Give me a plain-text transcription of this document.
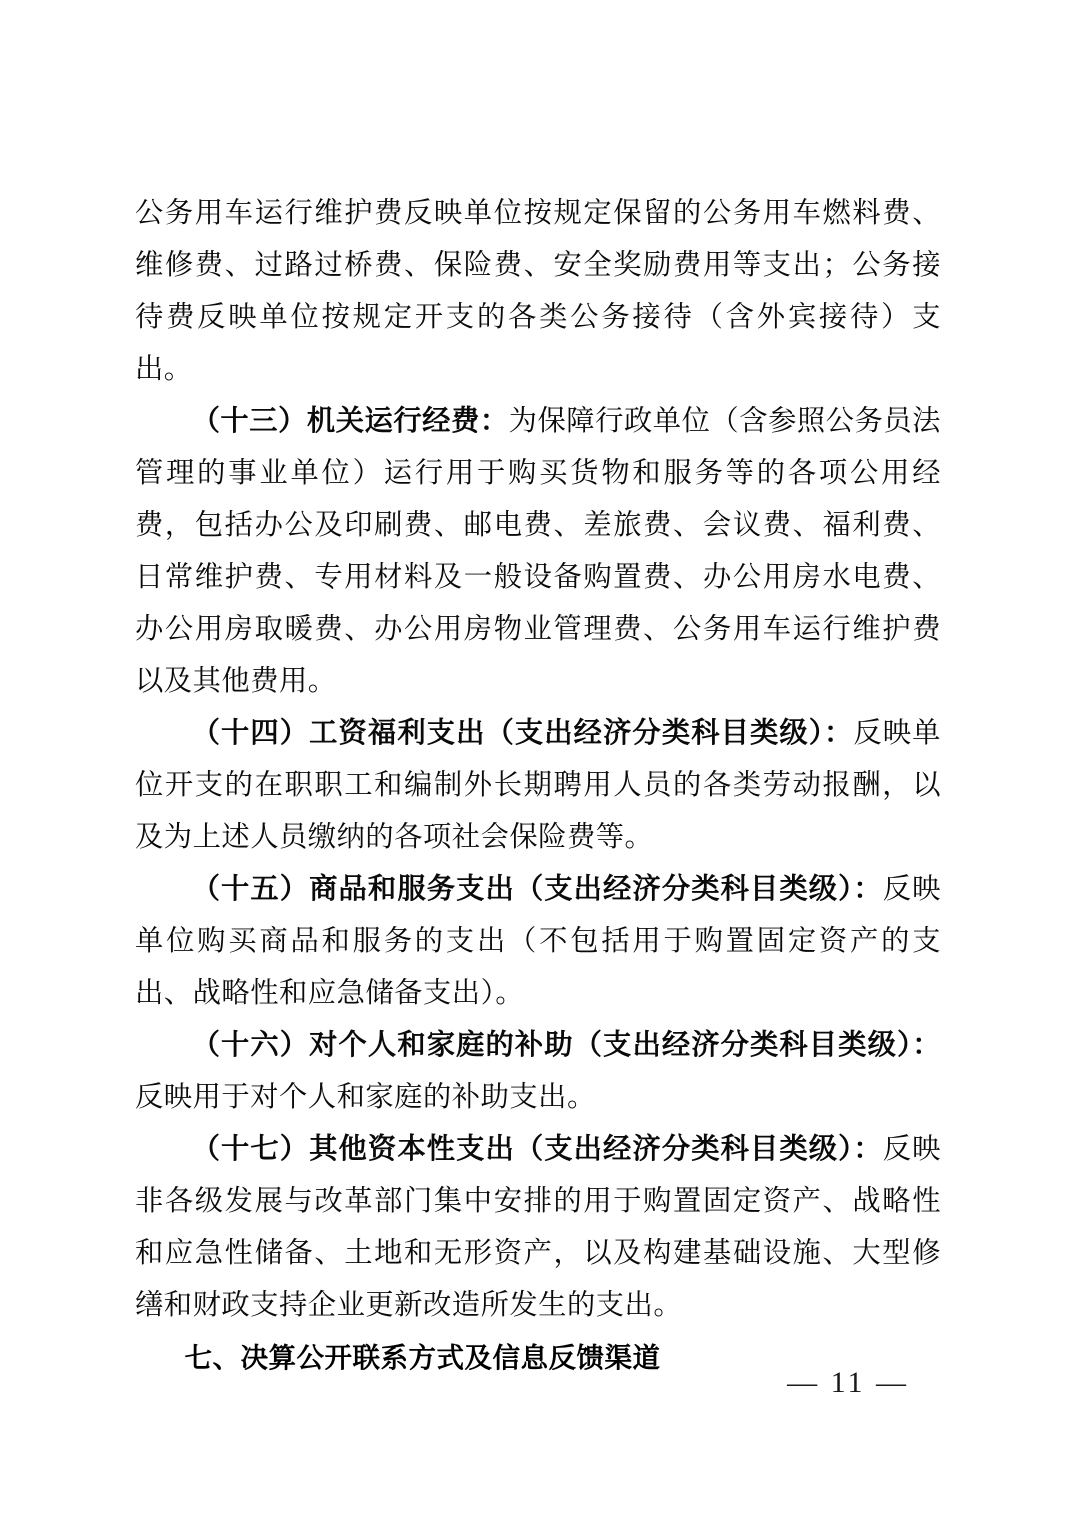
公务用车运行维护费反映单位按规定保留的公务用车燃料费、维修费、过路过桥费、保险费、安全奖励费用等支出；公务接待费反映单位按规定开支的各类公务接待（含外宾接待）支出。

（十三）机关运行经费：为保障行政单位（含参照公务员法管理的事业单位）运行用于购买货物和服务等的各项公用经费，包括办公及印刷费、邮电费、差旅费、会议费、福利费、日常维护费、专用材料及一般设备购置费、办公用房水电费、办公用房取暖费、办公用房物业管理费、公务用车运行维护费以及其他费用。

（十四）工资福利支出（支出经济分类科目类级）：反映单位开支的在职职工和编制外长期聘用人员的各类劳动报酬，以及为上述人员缴纳的各项社会保险费等。

（十五）商品和服务支出（支出经济分类科目类级）：反映单位购买商品和服务的支出（不包括用于购置固定资产的支出、战略性和应急储备支出）。

（十六）对个人和家庭的补助（支出经济分类科目类级）：反映用于对个人和家庭的补助支出。

（十七）其他资本性支出（支出经济分类科目类级）：反映非各级发展与改革部门集中安排的用于购置固定资产、战略性和应急性储备、土地和无形资产，以及构建基础设施、大型修缮和财政支持企业更新改造所发生的支出。

七、决算公开联系方式及信息反馈渠道
— 11 —
